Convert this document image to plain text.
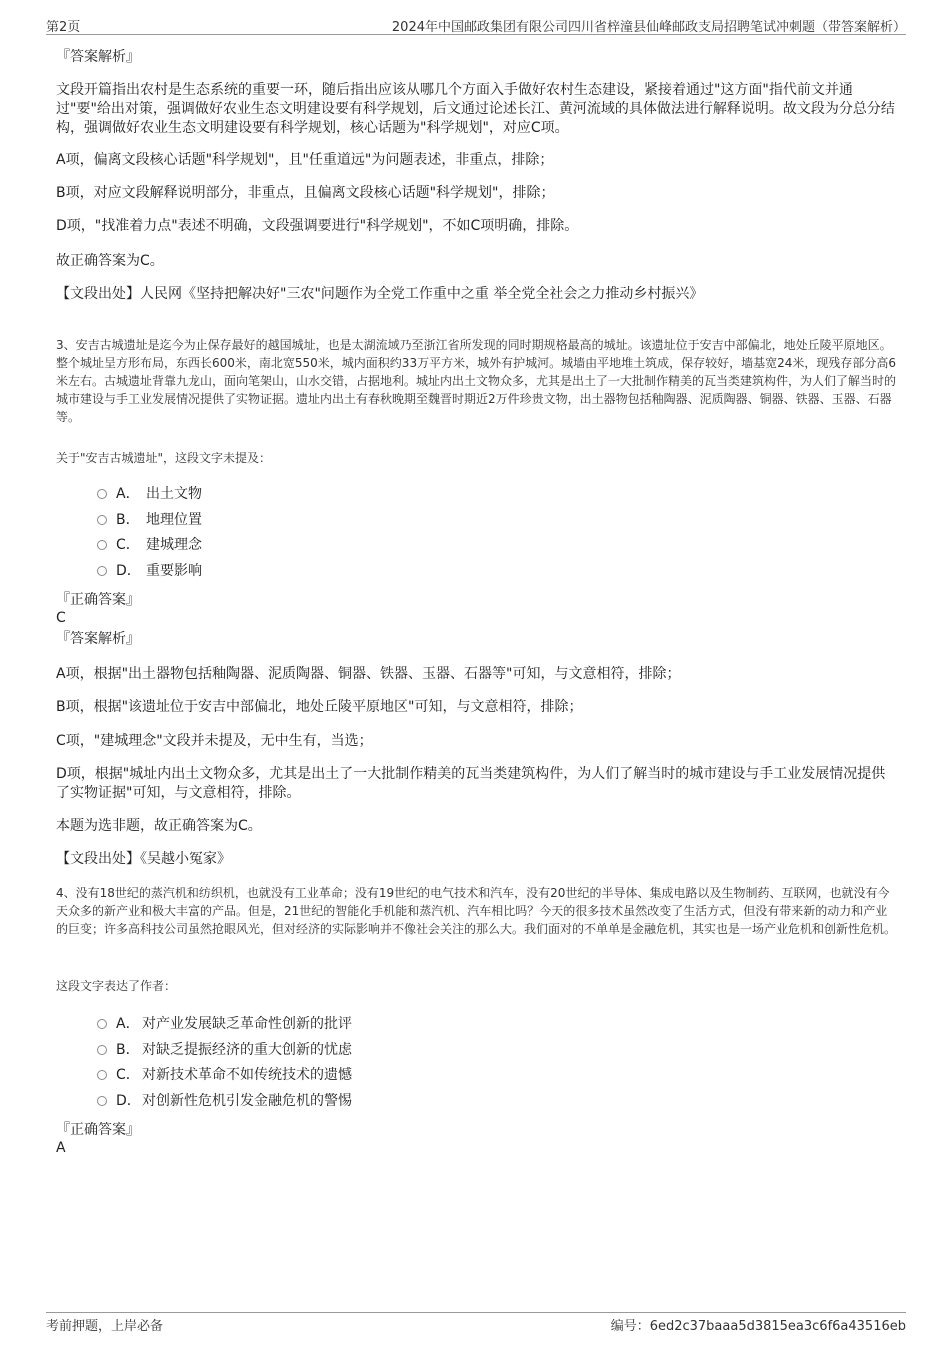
第2页	2024年中国邮政集团有限公司四川省梓潼县仙峰邮政支局招聘笔试冲刺题（带答案解析）
『答案解析』
文段开篇指出农村是生态系统的重要一环，随后指出应该从哪几个方面入手做好农村生态建设，紧接着通过"这方面"指代前文并通过"要"给出对策，强调做好农业生态文明建设要有科学规划，后文通过论述长江、黄河流域的具体做法进行解释说明。故文段为分总分结构，强调做好农业生态文明建设要有科学规划，核心话题为"科学规划"，对应C项。
A项，偏离文段核心话题"科学规划"，且"任重道远"为问题表述，非重点，排除；
B项，对应文段解释说明部分，非重点，且偏离文段核心话题"科学规划"，排除；
D项，"找准着力点"表述不明确，文段强调要进行"科学规划"，不如C项明确，排除。
故正确答案为C。
【文段出处】人民网《坚持把解决好"三农"问题作为全党工作重中之重 举全党全社会之力推动乡村振兴》
3、安吉古城遗址是迄今为止保存最好的越国城址，也是太湖流域乃至浙江省所发现的同时期规格最高的城址。该遗址位于安吉中部偏北，地处丘陵平原地区。整个城址呈方形布局，东西长600米，南北宽550米，城内面积约33万平方米，城外有护城河。城墙由平地堆土筑成，保存较好，墙基宽24米，现残存部分高6米左右。古城遗址背靠九龙山，面向笔架山，山水交错，占据地利。城址内出土文物众多，尤其是出土了一大批制作精美的瓦当类建筑构件，为人们了解当时的城市建设与手工业发展情况提供了实物证据。遗址内出土有春秋晚期至魏晋时期近2万件珍贵文物，出土器物包括釉陶器、泥质陶器、铜器、铁器、玉器、石器等。
关于"安吉古城遗址"，这段文字未提及：
A． 出土文物
B． 地理位置
C． 建城理念
D． 重要影响
『正确答案』
C
『答案解析』
A项，根据"出土器物包括釉陶器、泥质陶器、铜器、铁器、玉器、石器等"可知，与文意相符，排除；
B项，根据"该遗址位于安吉中部偏北，地处丘陵平原地区"可知，与文意相符，排除；
C项，"建城理念"文段并未提及，无中生有，当选；
D项，根据"城址内出土文物众多，尤其是出土了一大批制作精美的瓦当类建筑构件，为人们了解当时的城市建设与手工业发展情况提供了实物证据"可知，与文意相符，排除。
本题为选非题，故正确答案为C。
【文段出处】《吴越小冤家》
4、没有18世纪的蒸汽机和纺织机，也就没有工业革命；没有19世纪的电气技术和汽车，没有20世纪的半导体、集成电路以及生物制药、互联网，也就没有今天众多的新产业和极大丰富的产品。但是，21世纪的智能化手机能和蒸汽机、汽车相比吗？今天的很多技术虽然改变了生活方式，但没有带来新的动力和产业的巨变；许多高科技公司虽然抢眼风光，但对经济的实际影响并不像社会关注的那么大。我们面对的不单单是金融危机，其实也是一场产业危机和创新性危机。
这段文字表达了作者：
A． 对产业发展缺乏革命性创新的批评
B． 对缺乏提振经济的重大创新的忧虑
C． 对新技术革命不如传统技术的遗憾
D．对创新性危机引发金融危机的警惕
『正确答案』
A
考前押题，上岸必备	编号：6ed2c37baaa5d3815ea3c6f6a43516eb
